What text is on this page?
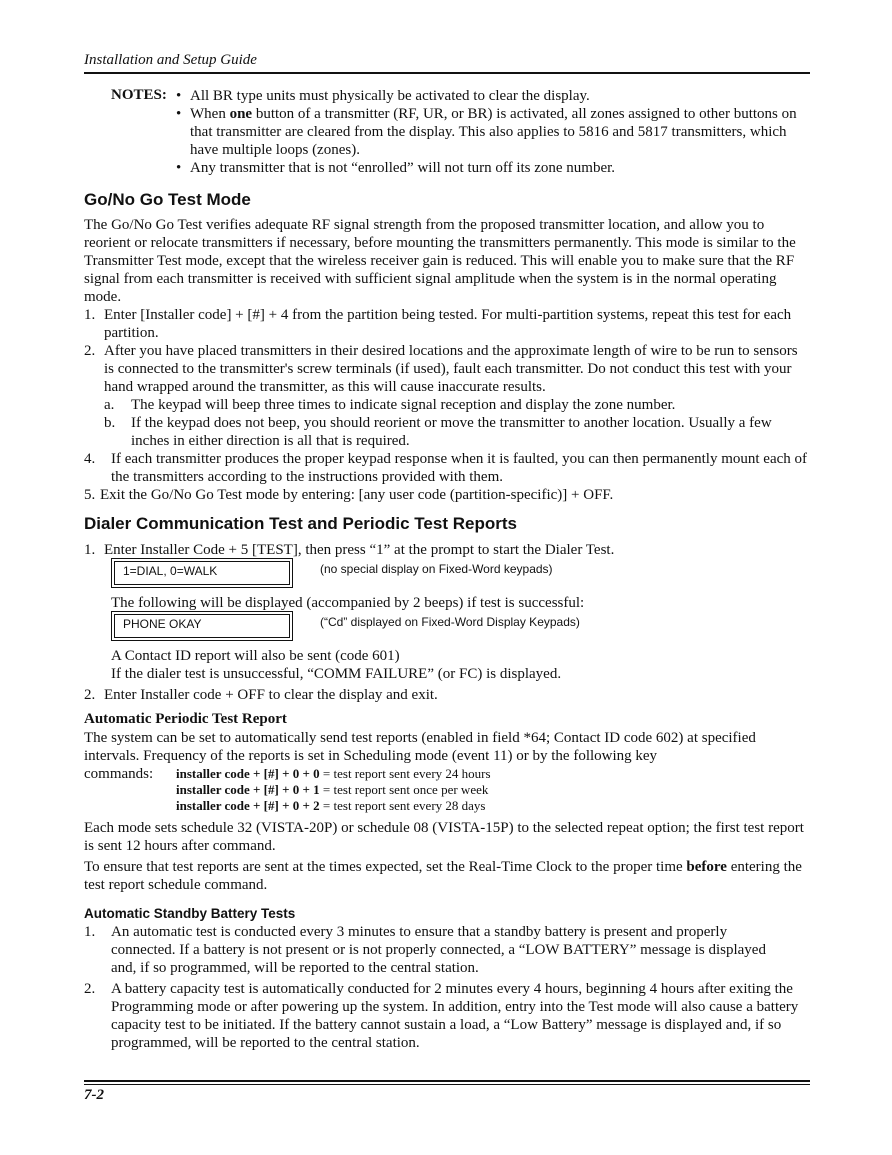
Installation and Setup Guide
NOTES:
•	All BR type units must physically be activated to clear the display.
• When one button of a transmitter (RF, UR, or BR) is activated, all zones assigned to other buttons on that transmitter are cleared from the display. This also applies to 5816 and 5817 transmitters, which have multiple loops (zones).
• Any transmitter that is not “enrolled” will not turn off its zone number.
Go/No Go Test Mode
The Go/No Go Test verifies adequate RF signal strength from the proposed transmitter location, and allow you to reorient or relocate transmitters if necessary, before mounting the transmitters permanently. This mode is similar to the Transmitter Test mode, except that the wireless receiver gain is reduced. This will enable you to make sure that the RF signal from each transmitter is received with sufficient signal amplitude when the system is in the normal operating mode.
1. Enter [Installer code] + [#] + 4 from the partition being tested. For multi-partition systems, repeat this test for each partition.
2. After you have placed transmitters in their desired locations and the approximate length of wire to be run to sensors is connected to the transmitter's screw terminals (if used), fault each transmitter. Do not conduct this test with your hand wrapped around the transmitter, as this will cause inaccurate results.
a.	The keypad will beep three times to indicate signal reception and display the zone number.
b.	If the keypad does not beep, you should reorient or move the transmitter to another location. Usually a few inches in either direction is all that is required.
4.	If each transmitter produces the proper keypad response when it is faulted, you can then permanently mount each of the transmitters according to the instructions provided with them.
5. Exit the Go/No Go Test mode by entering: [any user code (partition-specific)] + OFF.
Dialer Communication Test and Periodic Test Reports
1. Enter Installer Code + 5 [TEST], then press “1” at the prompt to start the Dialer Test.
1=DIAL, 0=WALK	(no special display on Fixed-Word keypads)
The following will be displayed (accompanied by 2 beeps) if test is successful:
PHONE OKAY	(“Cd” displayed on Fixed-Word Display Keypads)
A Contact ID report will also be sent (code 601)
If the dialer test is unsuccessful, “COMM FAILURE” (or FC) is displayed.
2. Enter Installer code + OFF to clear the display and exit.
Automatic Periodic Test Report
The system can be set to automatically send test reports (enabled in field *64; Contact ID code 602) at specified intervals. Frequency of the reports is set in Scheduling mode (event 11) or by the following key
commands: installer code + [#] + 0 + 0 = test report sent every 24 hours
installer code + [#] + 0 + 1 = test report sent once per week
installer code + [#] + 0 + 2 = test report sent every 28 days
Each mode sets schedule 32 (VISTA-20P) or schedule 08 (VISTA-15P) to the selected repeat option; the first test report is sent 12 hours after command.
To ensure that test reports are sent at the times expected, set the Real-Time Clock to the proper time before entering the test report schedule command.
Automatic Standby Battery Tests
1.	An automatic test is conducted every 3 minutes to ensure that a standby battery is present and properly connected. If a battery is not present or is not properly connected, a “LOW BATTERY” message is displayed and, if so programmed, will be reported to the central station.
2.	A battery capacity test is automatically conducted for 2 minutes every 4 hours, beginning 4 hours after exiting the Programming mode or after powering up the system. In addition, entry into the Test mode will also cause a battery capacity test to be initiated. If the battery cannot sustain a load, a “Low Battery” message is displayed and, if so programmed, will be reported to the central station.
7-2
